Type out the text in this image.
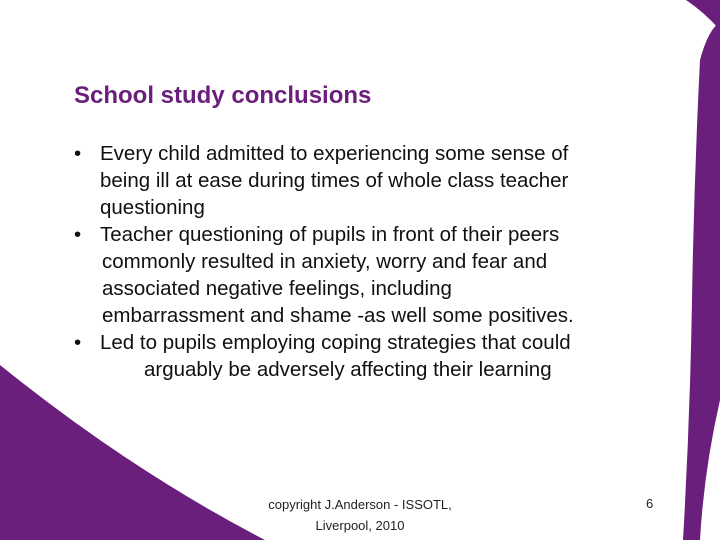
School study conclusions
• Every child admitted to experiencing some sense of
being ill at ease during times of whole class teacher
questioning
• Teacher questioning of pupils in front of their peers
commonly resulted in anxiety, worry and fear and
associated negative feelings, including
embarrassment and shame -as well some positives.
• Led to pupils employing coping strategies that could
arguably be adversely affecting their learning
copyright J.Anderson - ISSOTL,
Liverpool, 2010
6
